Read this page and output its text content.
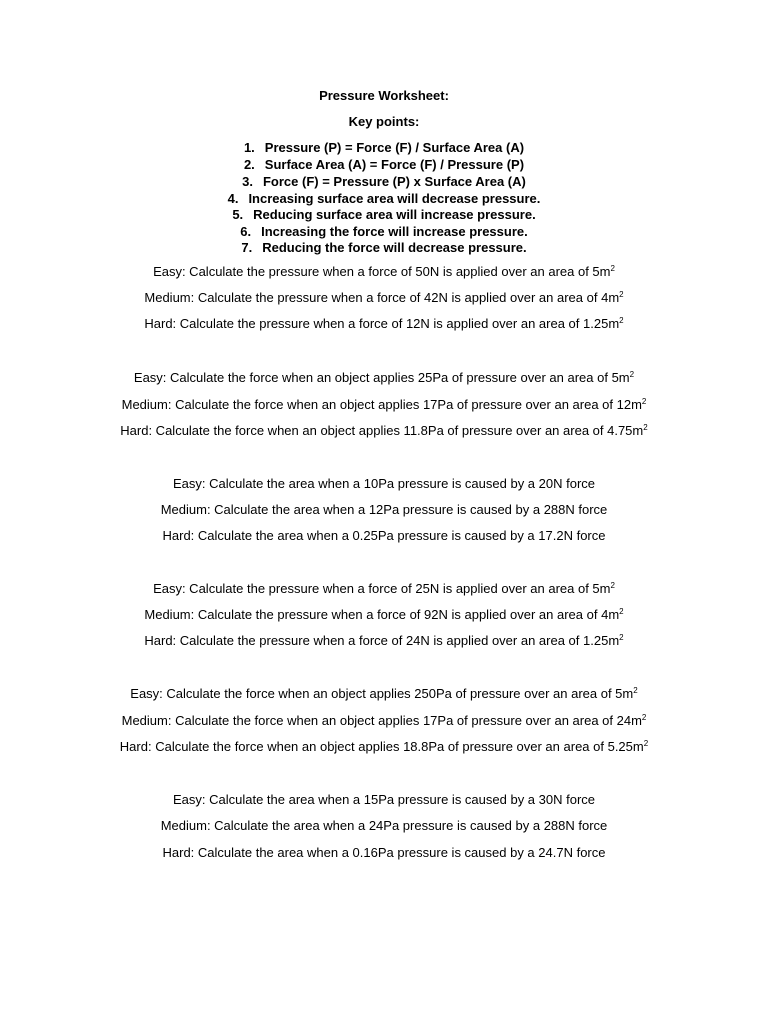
Pressure Worksheet:
Key points:
1. Pressure (P) = Force (F) / Surface Area (A)
2. Surface Area (A) = Force (F) / Pressure (P)
3. Force (F) = Pressure (P) x Surface Area (A)
4. Increasing surface area will decrease pressure.
5. Reducing surface area will increase pressure.
6. Increasing the force will increase pressure.
7. Reducing the force will decrease pressure.
Easy: Calculate the pressure when a force of 50N is applied over an area of $5m^2$
Medium: Calculate the pressure when a force of 42N is applied over an area of $4m^2$
Hard: Calculate the pressure when a force of 12N is applied over an area of $1.25m^2$
Easy: Calculate the force when an object applies 25Pa of pressure over an area of $5m^2$
Medium: Calculate the force when an object applies 17Pa of pressure over an area of $12m^2$
Hard: Calculate the force when an object applies 11.8Pa of pressure over an area of $4.75m^2$
Easy: Calculate the area when a 10Pa pressure is caused by a 20N force
Medium: Calculate the area when a 12Pa pressure is caused by a 288N force
Hard: Calculate the area when a 0.25Pa pressure is caused by a 17.2N force
Easy: Calculate the pressure when a force of 25N is applied over an area of $5m^2$
Medium: Calculate the pressure when a force of 92N is applied over an area of $4m^2$
Hard: Calculate the pressure when a force of 24N is applied over an area of $1.25m^2$
Easy: Calculate the force when an object applies 250Pa of pressure over an area of $5m^2$
Medium: Calculate the force when an object applies 17Pa of pressure over an area of $24m^2$
Hard: Calculate the force when an object applies 18.8Pa of pressure over an area of $5.25m^2$
Easy: Calculate the area when a 15Pa pressure is caused by a 30N force
Medium: Calculate the area when a 24Pa pressure is caused by a 288N force
Hard: Calculate the area when a 0.16Pa pressure is caused by a 24.7N force
